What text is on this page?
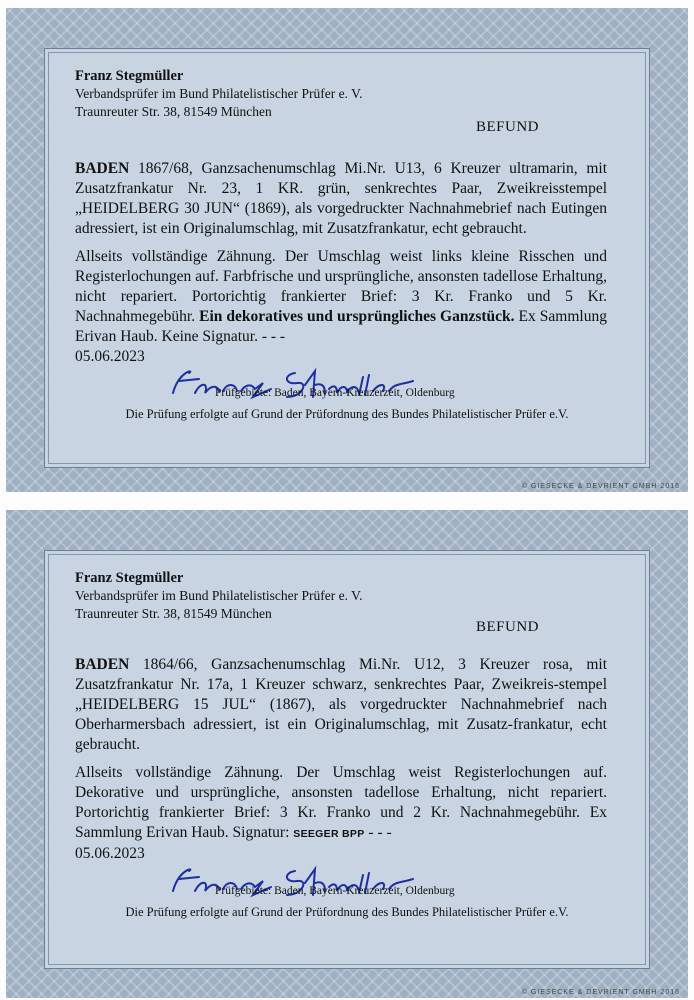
Franz Stegmüller
Verbandsprüfer im Bund Philatelistischer Prüfer e. V.
Traunreuter Str. 38, 81549 München
BEFUND

BADEN 1867/68, Ganzsachenumschlag Mi.Nr. U13, 6 Kreuzer ultramarin, mit Zusatzfrankatur Nr. 23, 1 KR. grün, senkrechtes Paar, Zweikreisstempel „HEIDELBERG 30 JUN“ (1869), als vorgedruckter Nachnahmebrief nach Eutingen adressiert, ist ein Originalumschlag, mit Zusatzfrankatur, echt gebraucht.

Allseits vollständige Zähnung. Der Umschlag weist links kleine Risschen und Registerlochungen auf. Farbfrische und ursprüngliche, ansonsten tadellose Erhaltung, nicht repariert. Portorichtig frankierter Brief: 3 Kr. Franko und 5 Kr. Nachnahmegebühr. Ein dekoratives und ursprüngliches Ganzstück. Ex Sammlung Erivan Haub. Keine Signatur. - - -
05.06.2023

Prüfgebiete: Baden, Bayern-Kreuzerzeit, Oldenburg
Die Prüfung erfolgte auf Grund der Prüfordnung des Bundes Philatelistischer Prüfer e.V.
© GIESECKE & DEVRIENT GMBH 2016
Franz Stegmüller
Verbandsprüfer im Bund Philatelistischer Prüfer e. V.
Traunreuter Str. 38, 81549 München
BEFUND

BADEN 1864/66, Ganzsachenumschlag Mi.Nr. U12, 3 Kreuzer rosa, mit Zusatzfrankatur Nr. 17a, 1 Kreuzer schwarz, senkrechtes Paar, Zweikreis-stempel „HEIDELBERG 15 JUL“ (1867), als vorgedruckter Nachnahmebrief nach Oberharmersbach adressiert, ist ein Originalumschlag, mit Zusatz-frankatur, echt gebraucht.

Allseits vollständige Zähnung. Der Umschlag weist Registerlochungen auf. Dekorative und ursprüngliche, ansonsten tadellose Erhaltung, nicht repariert. Portorichtig frankierter Brief: 3 Kr. Franko und 2 Kr. Nachnahmegebühr. Ex Sammlung Erivan Haub. Signatur: SEEGER BPP - - -
05.06.2023

Prüfgebiete: Baden, Bayern-Kreuzerzeit, Oldenburg
Die Prüfung erfolgte auf Grund der Prüfordnung des Bundes Philatelistischer Prüfer e.V.
© GIESECKE & DEVRIENT GMBH 2016
